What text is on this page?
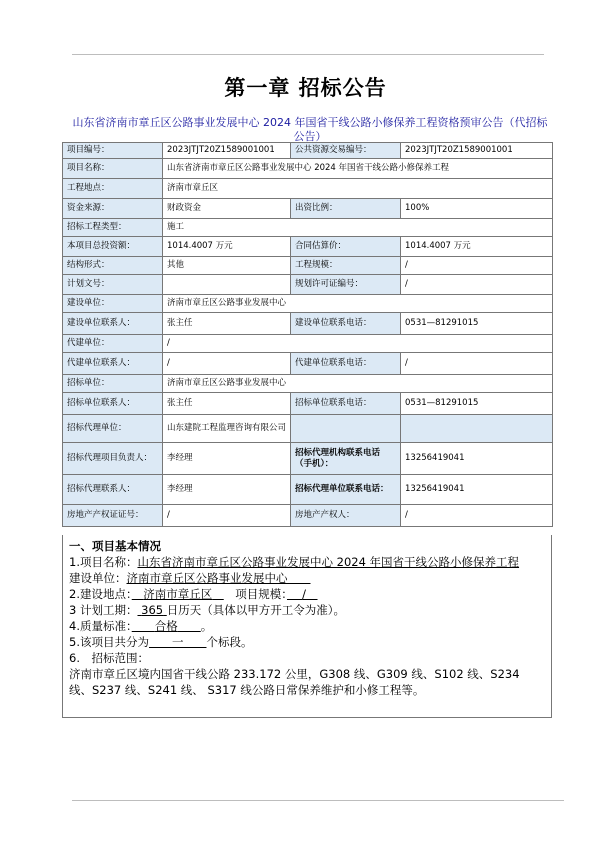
第一章 招标公告
山东省济南市章丘区公路事业发展中心 2024 年国省干线公路小修保养工程资格预审公告（代招标公告）
项目编号：	2023JTJT20Z1589001001	公共资源交易编号：	2023JTJT20Z1589001001
项目名称：	山东省济南市章丘区公路事业发展中心 2024 年国省干线公路小修保养工程		
工程地点：	济南市章丘区		
资金来源：	财政资金	出资比例：	100%
招标工程类型：	施工		
本项目总投资额：	1014.4007 万元	合同估算价：	1014.4007 万元
结构形式：	其他	工程规模：	/
计划文号：		规划许可证编号：	/
建设单位：	济南市章丘区公路事业发展中心		
建设单位联系人：	张主任	建设单位联系电话：	0531—81291015
代建单位：	/		
代建单位联系人：	/	代建单位联系电话：	/
招标单位：	济南市章丘区公路事业发展中心		
招标单位联系人：	张主任	招标单位联系电话：	0531—81291015
招标代理单位：	山东建院工程监理咨询有限公司		
招标代理项目负责人：	李经理	招标代理机构联系电话（手机）：	13256419041
招标代理联系人：	李经理	招标代理单位联系电话：	13256419041
房地产产权证证号：	/	房地产产权人：	/
一、项目基本情况
1.项目名称：山东省济南市章丘区公路事业发展中心 2024 年国省干线公路小修保养工程
建设单位：济南市章丘区公路事业发展中心　　
2.建设地点：　 济南市章丘区　　 项目规模：　 /　
3 计划工期： 365 日历天（具体以甲方开工令为准）。
4.质量标准：　　 合格　　 。
5.该项目共分为　　 一　　 个标段。
6.　招标范围：
济南市章丘区境内国省干线公路 233.172 公里，G308 线、G309 线、S102 线、S234 线、S237 线、S241 线、 S317 线公路日常保养维护和小修工程等。
